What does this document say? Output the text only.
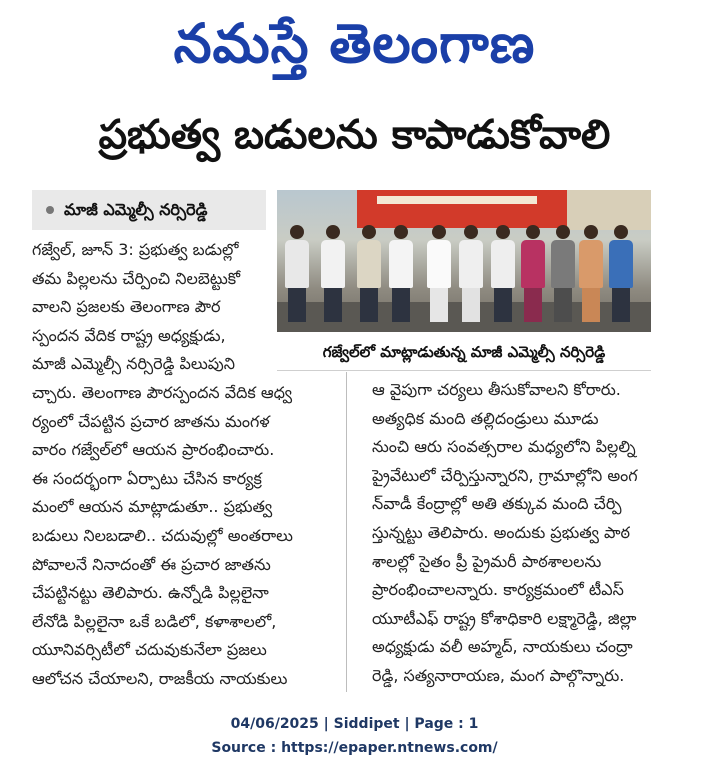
నమస్తే తెలంగాణ
ప్రభుత్వ బడులను కాపాడుకోవాలి
మాజీ ఎమ్మెల్సీ నర్సిరెడ్డి
గజ్వేల్‌లో మాట్లాడుతున్న మాజీ ఎమ్మెల్సీ నర్సిరెడ్డి
గజ్వేల్, జూన్ 3: ప్రభుత్వ బడుల్లో
తమ పిల్లలను చేర్పించి నిలబెట్టుకో
వాలని ప్రజలకు తెలంగాణ పౌర
స్పందన వేదిక రాష్ట్ర అధ్యక్షుడు,
మాజీ ఎమ్మెల్సీ నర్సిరెడ్డి పిలుపుని
చ్చారు. తెలంగాణ పౌరస్పందన వేదిక ఆధ్వ
ర్యంలో చేపట్టిన ప్రచార జాతను మంగళ
వారం గజ్వేల్‌లో ఆయన ప్రారంభించారు.
ఈ సందర్భంగా ఏర్పాటు చేసిన కార్యక్ర
మంలో ఆయన మాట్లాడుతూ.. ప్రభుత్వ
బడులు నిలబడాలి.. చదువుల్లో అంతరాలు
పోవాలనే నినాదంతో ఈ ప్రచార జాతను
చేపట్టినట్టు తెలిపారు. ఉన్నోడి పిల్లలైనా
లేనోడి పిల్లలైనా ఒకే బడిలో, కళాశాలలో,
యూనివర్సిటీలో చదువుకునేలా ప్రజలు
ఆలోచన చేయాలని, రాజకీయ నాయకులు
ఆ వైపుగా చర్యలు తీసుకోవాలని కోరారు.
అత్యధిక మంది తల్లిదండ్రులు మూడు
నుంచి ఆరు సంవత్సరాల మధ్యలోని పిల్లల్ని
ప్రైవేటులో చేర్పిస్తున్నారని, గ్రామాల్లోని అంగ
న్‌వాడీ కేంద్రాల్లో అతి తక్కువ మంది చేర్పి
స్తున్నట్టు తెలిపారు. అందుకు ప్రభుత్వ పాఠ
శాలల్లో సైతం ప్రీ ప్రైమరీ పాఠశాలలను
ప్రారంభించాలన్నారు. కార్యక్రమంలో టీఎస్
యూటీఎఫ్ రాష్ట్ర కోశాధికారి లక్ష్మారెడ్డి, జిల్లా
అధ్యక్షుడు వలీ అహ్మద్, నాయకులు చంద్రా
రెడ్డి, సత్యనారాయణ, మంగ పాల్గొన్నారు.
04/06/2025 | Siddipet | Page : 1
Source : https://epaper.ntnews.com/
